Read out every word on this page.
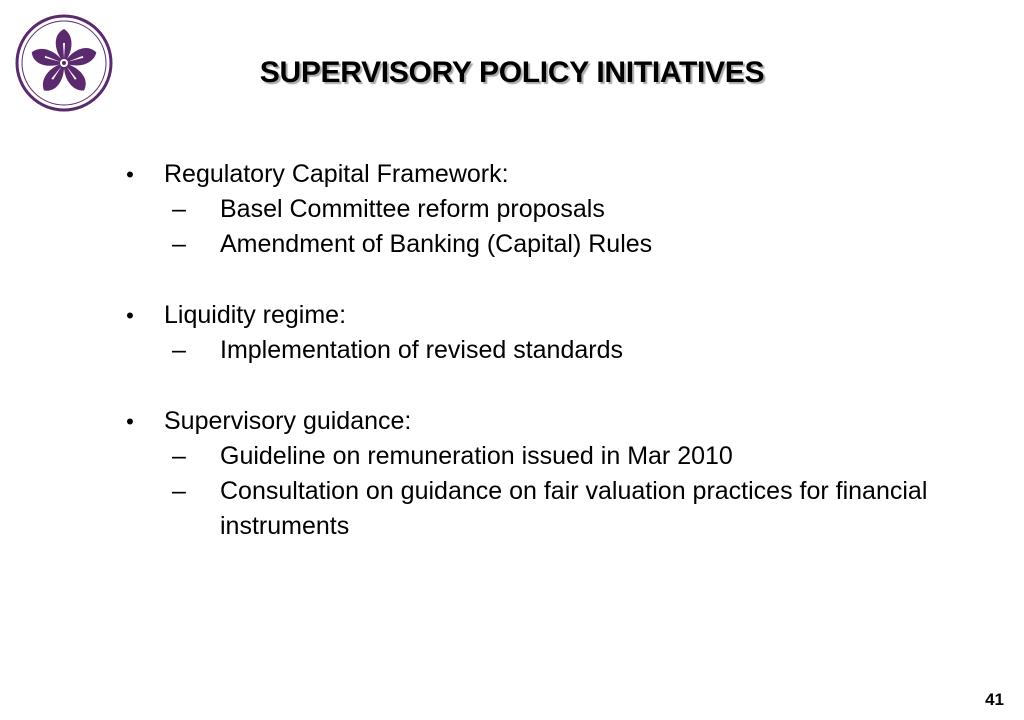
SUPERVISORY POLICY INITIATIVES
• Regulatory Capital Framework:
– Basel Committee reform proposals
– Amendment of Banking (Capital) Rules
• Liquidity regime:
– Implementation of revised standards
• Supervisory guidance:
– Guideline on remuneration issued in Mar 2010
– Consultation on guidance on fair valuation practices for financial instruments
41
